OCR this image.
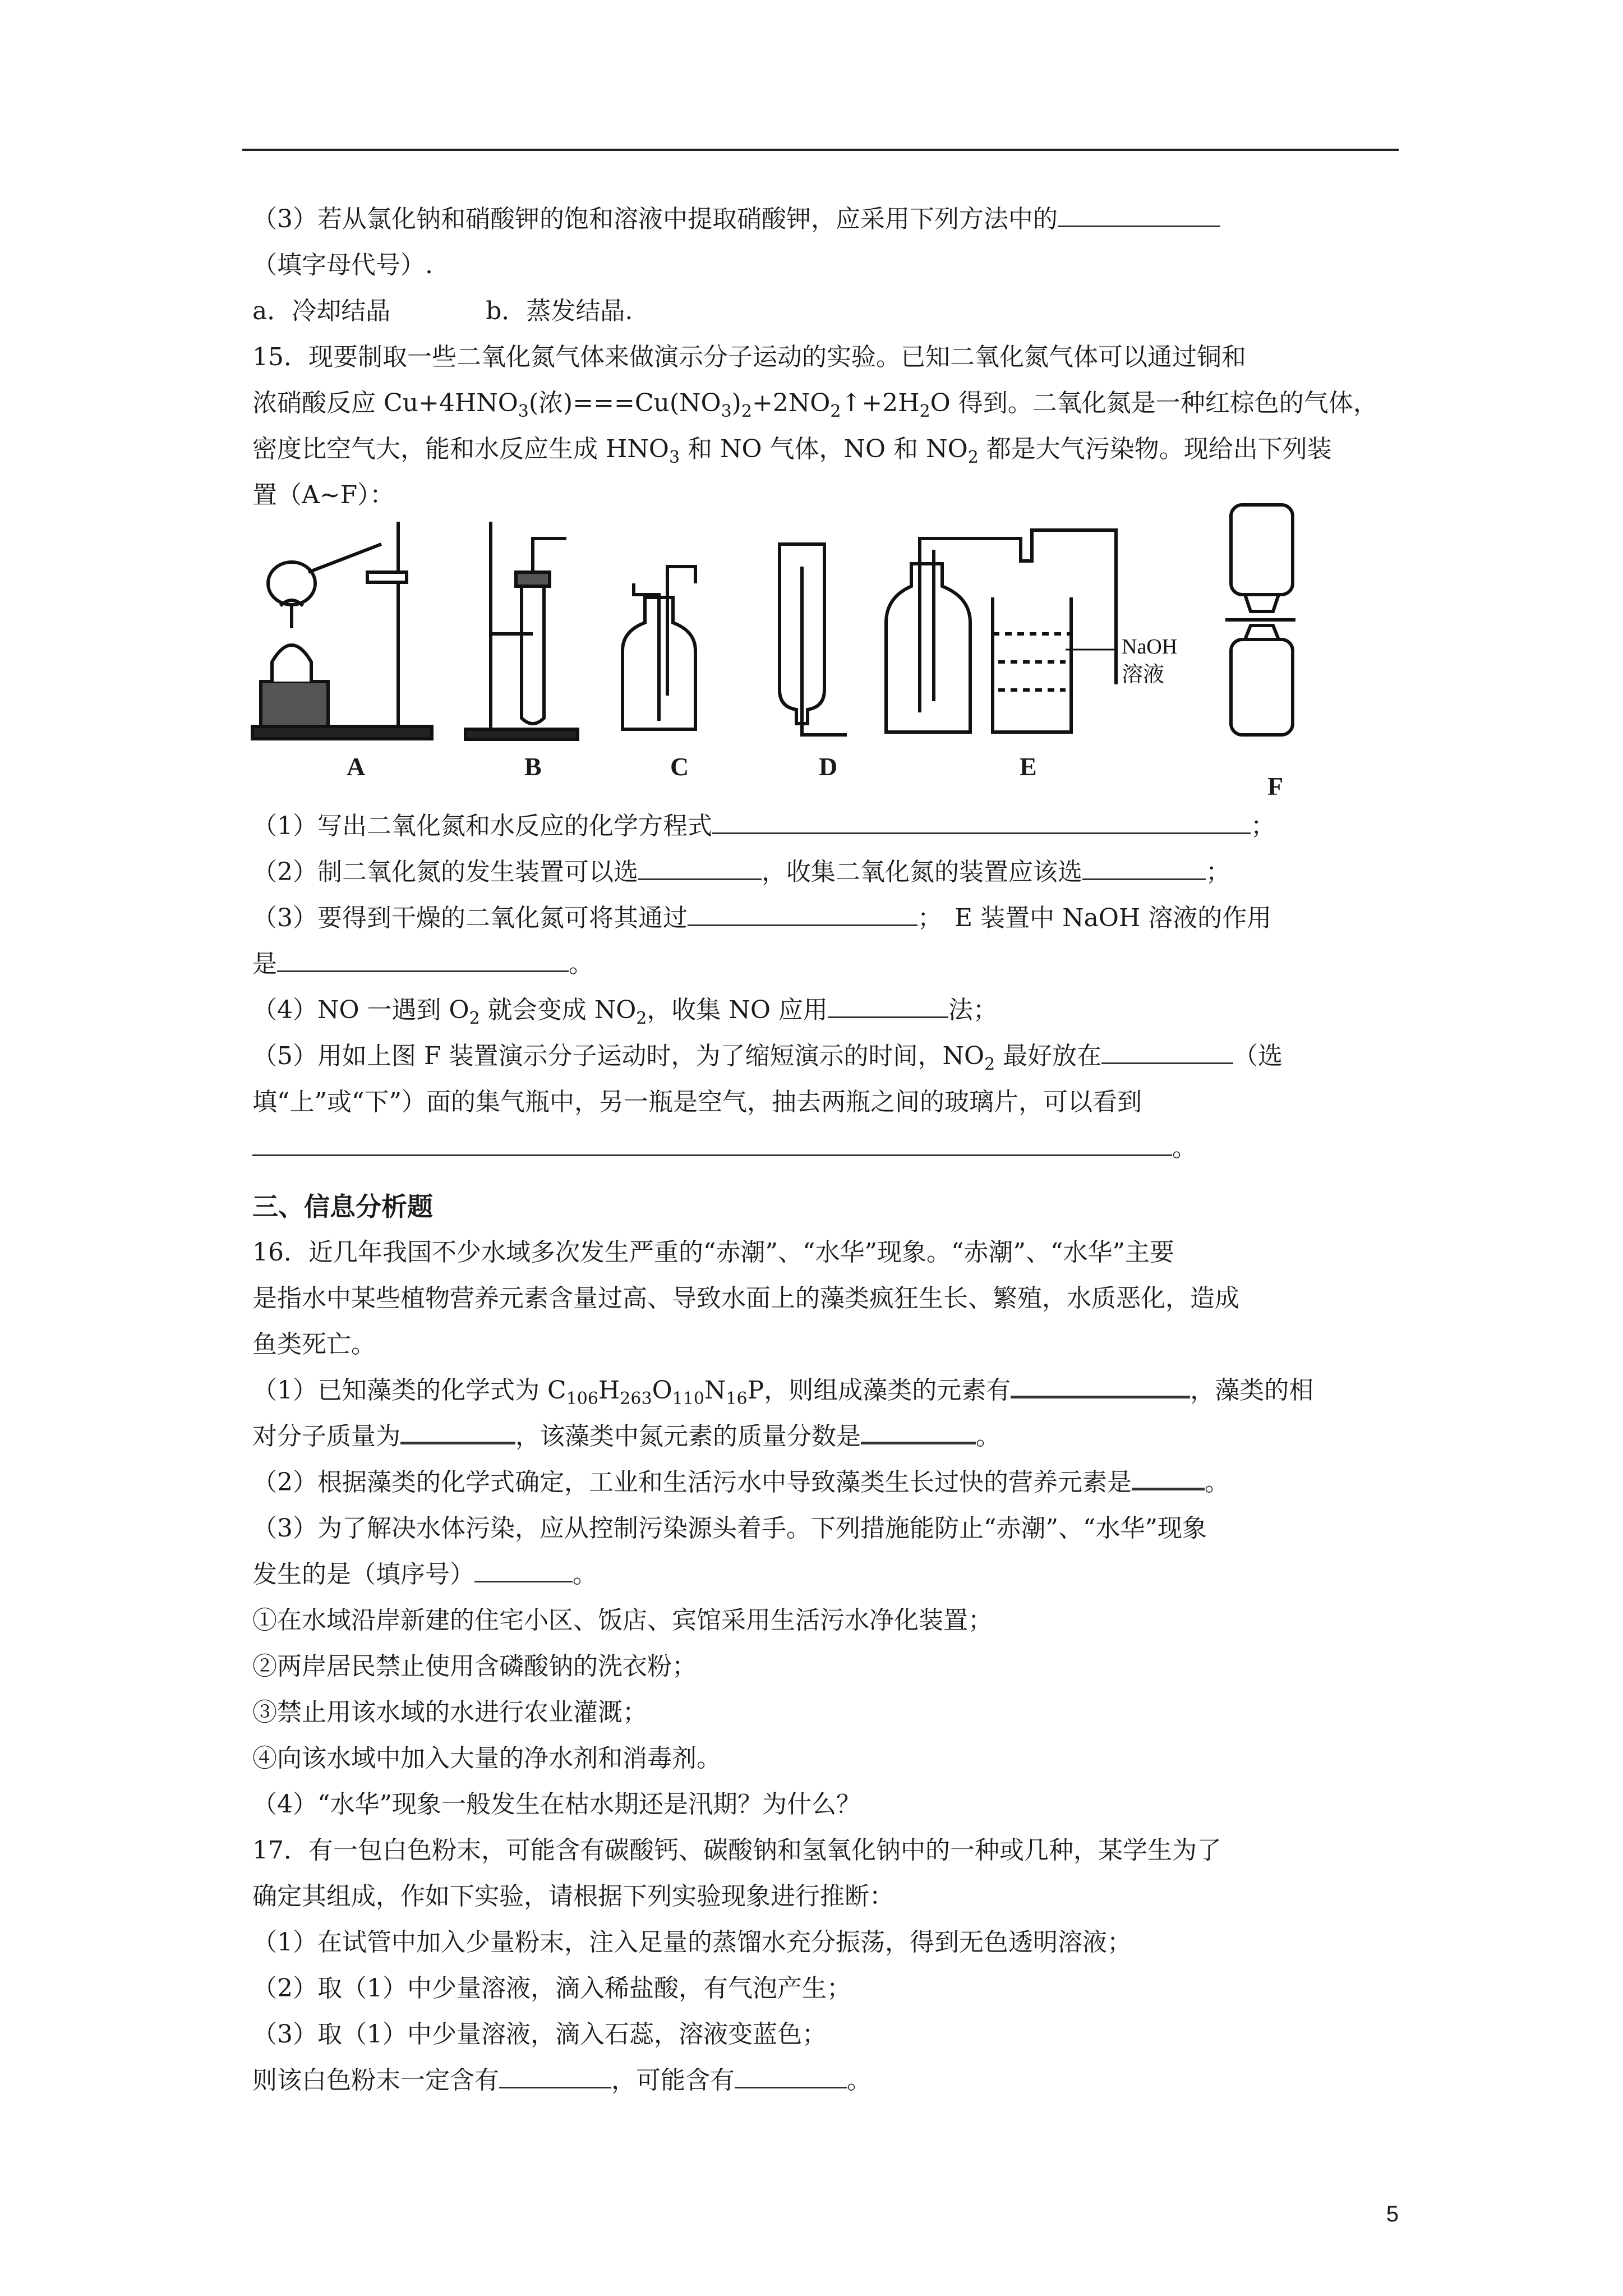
（3）若从氯化钠和硝酸钾的饱和溶液中提取硝酸钾，应采用下列方法中的
（填字母代号）.
a．冷却结晶	b．蒸发结晶.
15．现要制取一些二氧化氮气体来做演示分子运动的实验。已知二氧化氮气体可以通过铜和
浓硝酸反应 $Cu+4HNO_3$(浓)$===Cu(NO_3)_2+2NO_2↑+2H_2O$ 得到。二氧化氮是一种红棕色的气体，
密度比空气大，能和水反应生成 $HNO_3$ 和 NO 气体，NO 和 $NO_2$ 都是大气污染物。现给出下列装
置（A~F）：
NaOH
溶液
A	B	C	D	E
F
（1）写出二氧化氮和水反应的化学方程式	；
（2）制二氧化氮的发生装置可以选	，收集二氧化氮的装置应该选	；
（3）要得到干燥的二氧化氮可将其通过	；　E 装置中 NaOH 溶液的作用
是	。
（4）NO 一遇到 $O_2$ 就会变成 $NO_2$，收集 NO 应用	法；
（5）用如上图 F 装置演示分子运动时，为了缩短演示的时间，$NO_2$ 最好放在	（选
填“上”或“下”）面的集气瓶中，另一瓶是空气，抽去两瓶之间的玻璃片，可以看到
。
三、信息分析题
16．近几年我国不少水域多次发生严重的“赤潮”、“水华”现象。“赤潮”、“水华”主要
是指水中某些植物营养元素含量过高、导致水面上的藻类疯狂生长、繁殖，水质恶化，造成
鱼类死亡。
（1）已知藻类的化学式为 $C_{106}H_{263}O_{110}N_{16}P$，则组成藻类的元素有	，藻类的相
对分子质量为	，该藻类中氮元素的质量分数是	。
（2）根据藻类的化学式确定，工业和生活污水中导致藻类生长过快的营养元素是	。
（3）为了解决水体污染，应从控制污染源头着手。下列措施能防止“赤潮”、“水华”现象
发生的是（填序号）	。
①在水域沿岸新建的住宅小区、饭店、宾馆采用生活污水净化装置；
②两岸居民禁止使用含磷酸钠的洗衣粉；
③禁止用该水域的水进行农业灌溉；
④向该水域中加入大量的净水剂和消毒剂。
（4）“水华”现象一般发生在枯水期还是汛期？为什么？
17．有一包白色粉末，可能含有碳酸钙、碳酸钠和氢氧化钠中的一种或几种，某学生为了
确定其组成，作如下实验，请根据下列实验现象进行推断：
（1）在试管中加入少量粉末，注入足量的蒸馏水充分振荡，得到无色透明溶液；
（2）取（1）中少量溶液，滴入稀盐酸，有气泡产生；
（3）取（1）中少量溶液，滴入石蕊，溶液变蓝色；
则该白色粉末一定含有	，可能含有	。
5
